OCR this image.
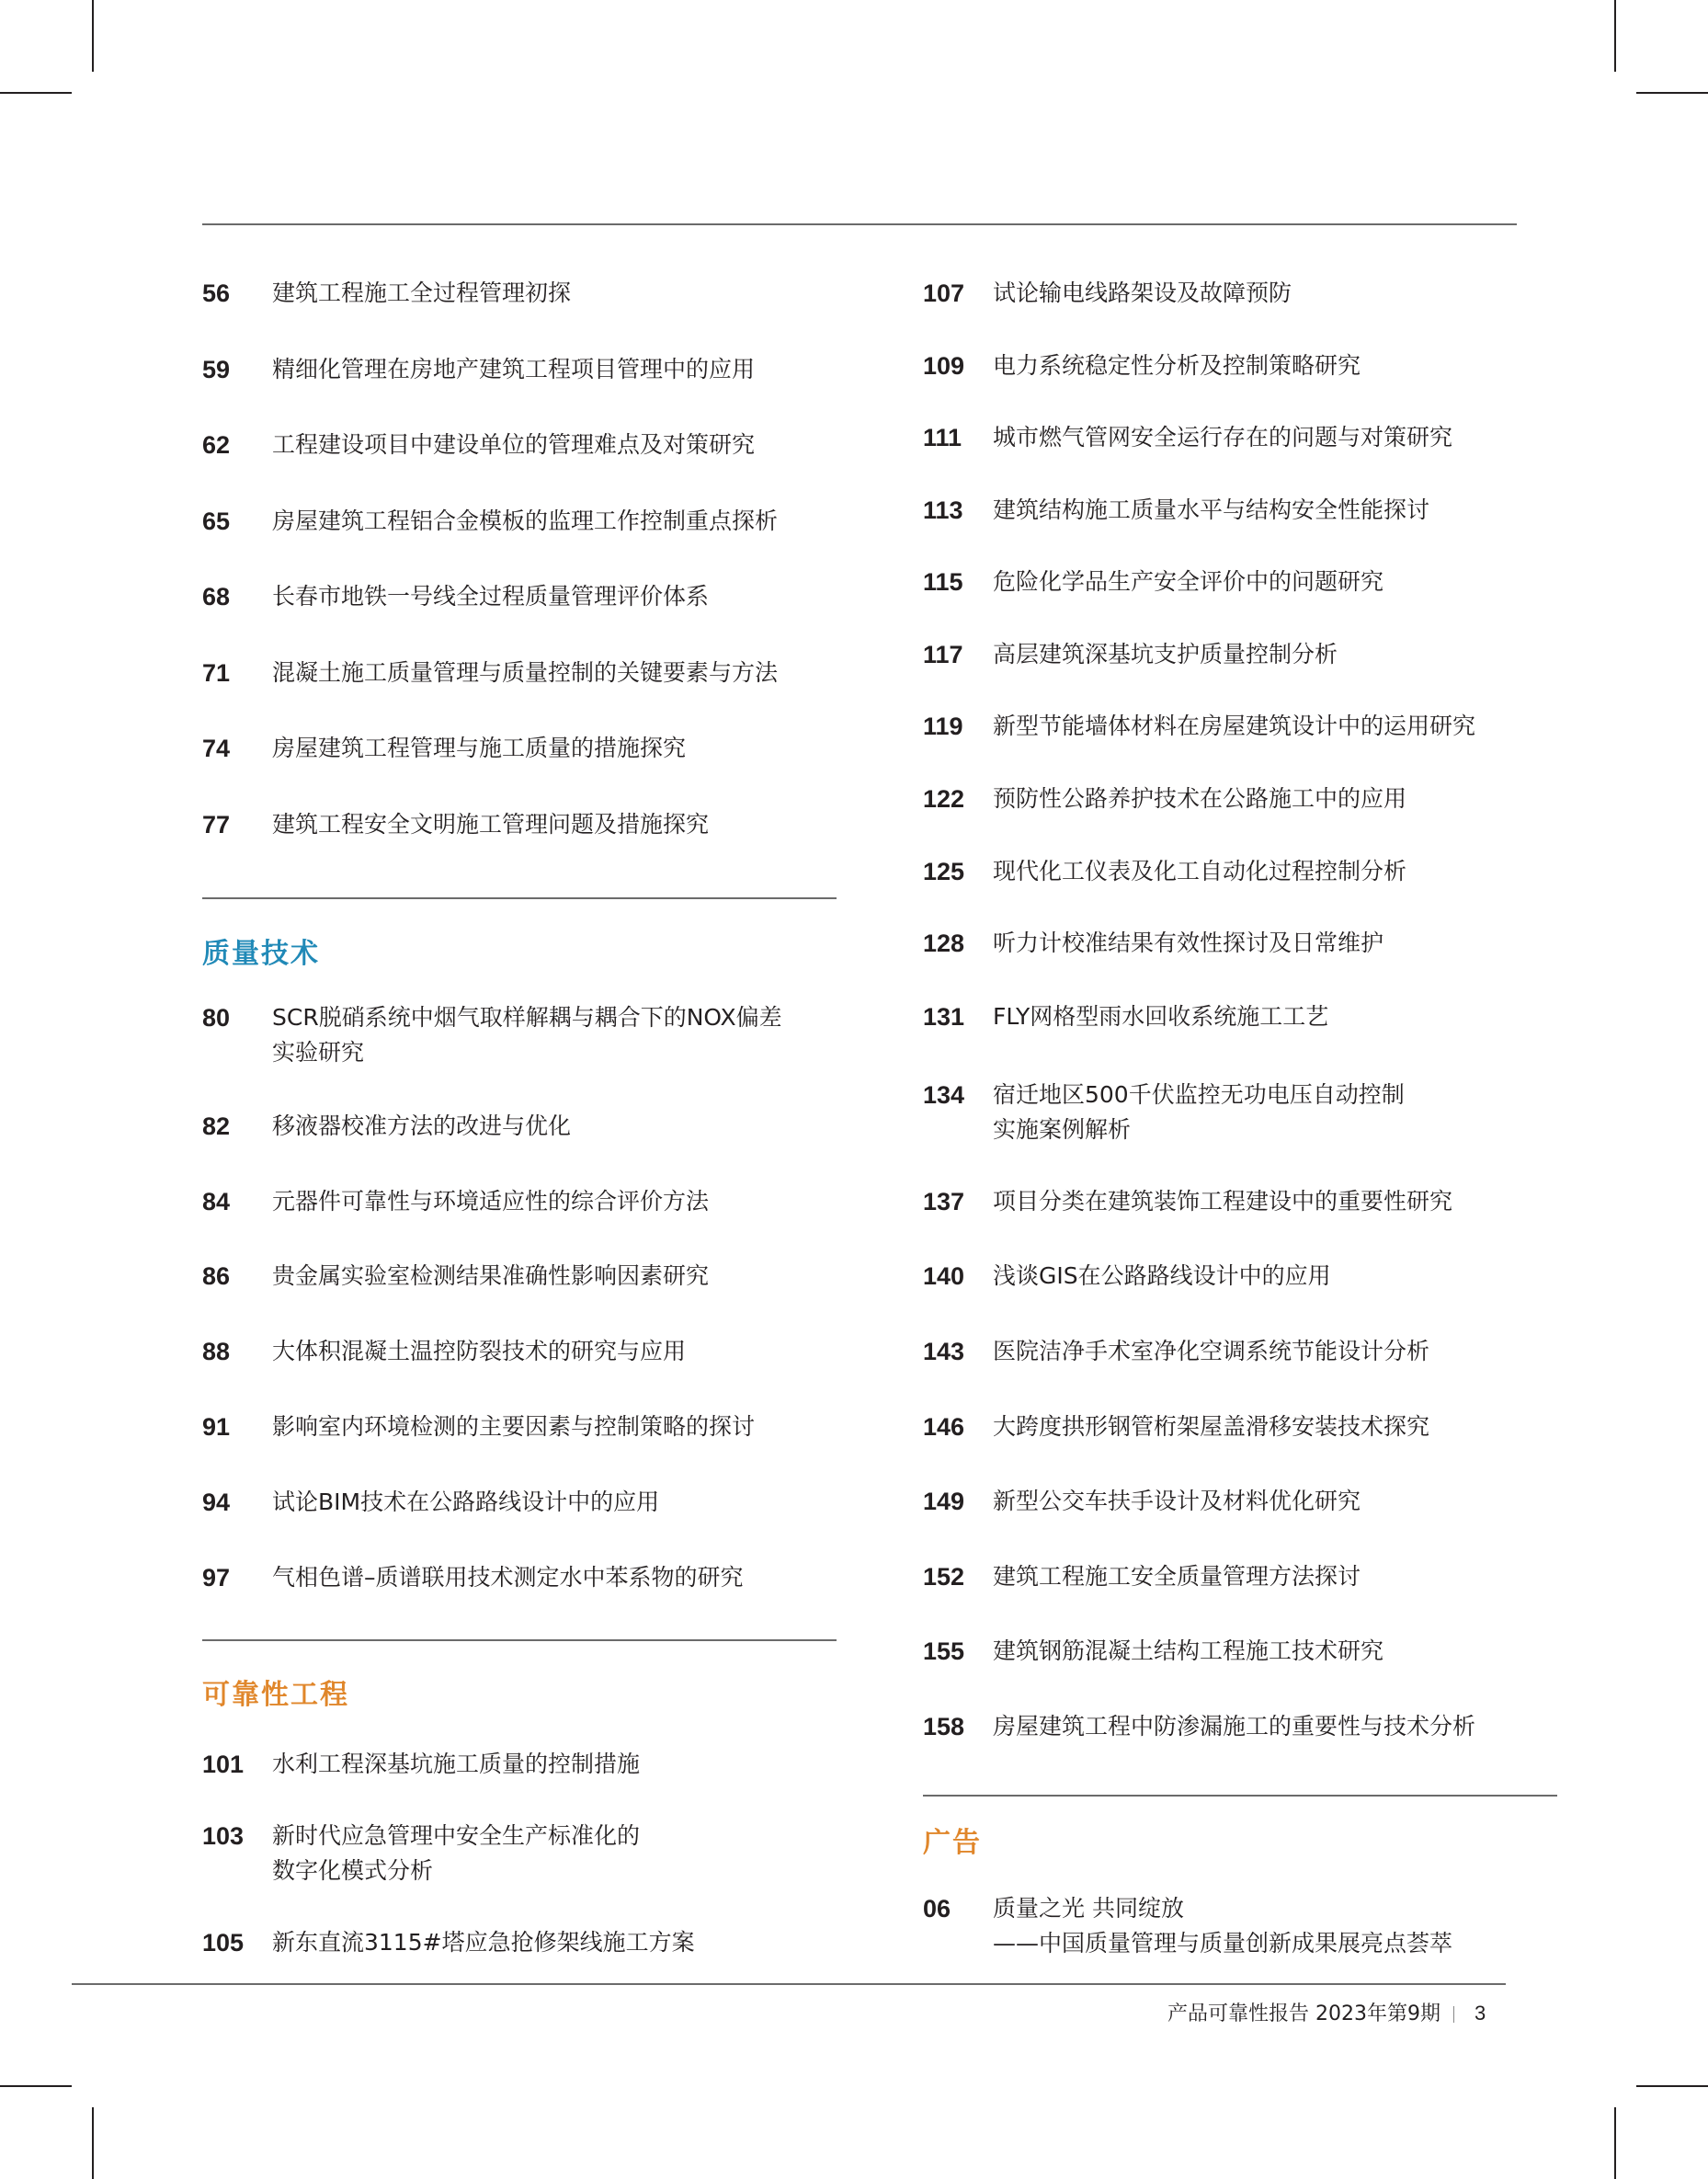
56	建筑工程施工全过程管理初探
59	精细化管理在房地产建筑工程项目管理中的应用
62	工程建设项目中建设单位的管理难点及对策研究
65	房屋建筑工程铝合金模板的监理工作控制重点探析
68	长春市地铁一号线全过程质量管理评价体系
71	混凝土施工质量管理与质量控制的关键要素与方法
74	房屋建筑工程管理与施工质量的措施探究
77	建筑工程安全文明施工管理问题及措施探究
质量技术
80	SCR脱硝系统中烟气取样解耦与耦合下的NOX偏差
实验研究
82	移液器校准方法的改进与优化
84	元器件可靠性与环境适应性的综合评价方法
86	贵金属实验室检测结果准确性影响因素研究
88	大体积混凝土温控防裂技术的研究与应用
91	影响室内环境检测的主要因素与控制策略的探讨
94	试论BIM技术在公路路线设计中的应用
97	气相色谱–质谱联用技术测定水中苯系物的研究
可靠性工程
101	水利工程深基坑施工质量的控制措施
103	新时代应急管理中安全生产标准化的
数字化模式分析
105	新东直流3115#塔应急抢修架线施工方案
107	试论输电线路架设及故障预防
109	电力系统稳定性分析及控制策略研究
111	城市燃气管网安全运行存在的问题与对策研究
113	建筑结构施工质量水平与结构安全性能探讨
115	危险化学品生产安全评价中的问题研究
117	高层建筑深基坑支护质量控制分析
119	新型节能墙体材料在房屋建筑设计中的运用研究
122	预防性公路养护技术在公路施工中的应用
125	现代化工仪表及化工自动化过程控制分析
128	听力计校准结果有效性探讨及日常维护
131	FLY网格型雨水回收系统施工工艺
134	宿迁地区500千伏监控无功电压自动控制
实施案例解析
137	项目分类在建筑装饰工程建设中的重要性研究
140	浅谈GIS在公路路线设计中的应用
143	医院洁净手术室净化空调系统节能设计分析
146	大跨度拱形钢管桁架屋盖滑移安装技术探究
149	新型公交车扶手设计及材料优化研究
152	建筑工程施工安全质量管理方法探讨
155	建筑钢筋混凝土结构工程施工技术研究
158	房屋建筑工程中防渗漏施工的重要性与技术分析
广告
06	质量之光 共同绽放
——中国质量管理与质量创新成果展亮点荟萃
产品可靠性报告 2023年第9期 3
